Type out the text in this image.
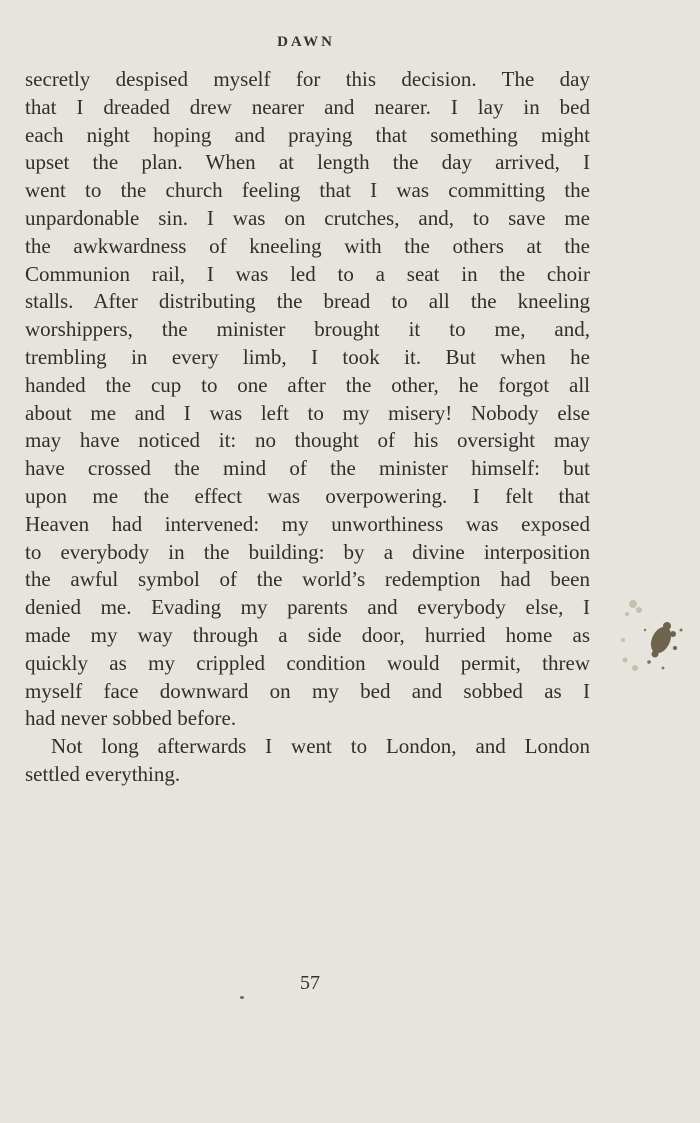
DAWN
secretly despised myself for this decision. The day
that I dreaded drew nearer and nearer. I lay in bed
each night hoping and praying that something might
upset the plan. When at length the day arrived, I
went to the church feeling that I was committing the
unpardonable sin. I was on crutches, and, to save me
the awkwardness of kneeling with the others at the
Communion rail, I was led to a seat in the choir
stalls. After distributing the bread to all the kneeling
worshippers, the minister brought it to me, and,
trembling in every limb, I took it. But when he
handed the cup to one after the other, he forgot all
about me and I was left to my misery! Nobody else
may have noticed it: no thought of his oversight may
have crossed the mind of the minister himself: but
upon me the effect was overpowering. I felt that
Heaven had intervened: my unworthiness was exposed
to everybody in the building: by a divine interposition
the awful symbol of the world’s redemption had been
denied me. Evading my parents and everybody else, I
made my way through a side door, hurried home as
quickly as my crippled condition would permit, threw
myself face downward on my bed and sobbed as I
had never sobbed before.
Not long afterwards I went to London, and London
settled everything.
57
